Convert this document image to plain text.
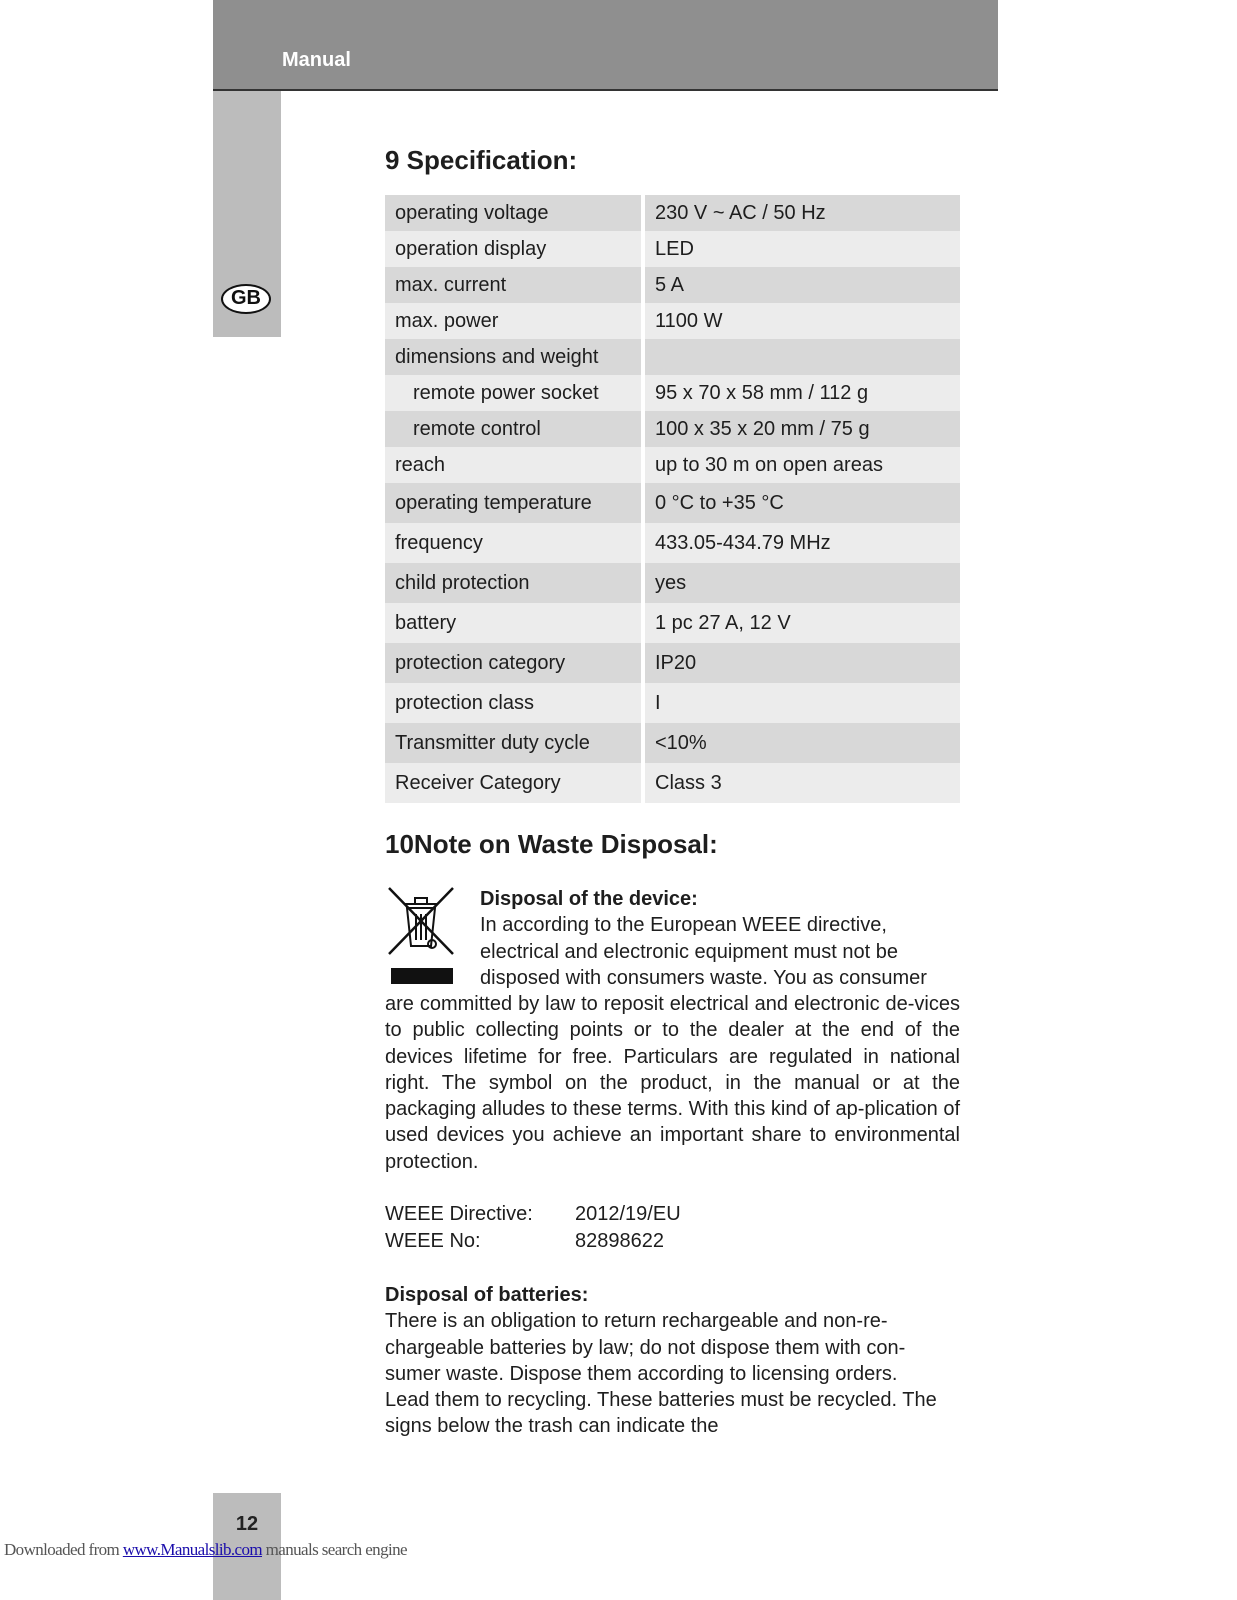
Manual
GB
9 Specification:
operating voltage	230 V ~ AC / 50 Hz
operation display	LED
max. current	5 A
max. power	1100 W
dimensions and weight	
remote power socket	95 x 70 x 58 mm / 112 g
remote control	100 x 35 x 20 mm / 75 g
reach	up to 30 m on open areas
operating temperature	0 °C to +35 °C
frequency	433.05-434.79 MHz
child protection	yes
battery	1 pc 27 A, 12 V
protection category	IP20
protection class	I
Transmitter duty cycle	<10%
Receiver Category	Class 3
10Note on Waste Disposal:
Disposal of the device:
In according to the European WEEE directive, electrical and electronic equipment must not be disposed with consumers waste. You as consumer
are committed by law to reposit electrical and electronic de-vices to public collecting points or to the dealer at the end of the devices lifetime for free. Particulars are regulated in national right. The symbol on the product, in the manual or at the packaging alludes to these terms. With this kind of ap-plication of used devices you achieve an important share to environmental protection.
WEEE Directive: 2012/19/EU
WEEE No:	82898622
Disposal of batteries:
There is an obligation to return rechargeable and non-re-chargeable batteries by law; do not dispose them with con-sumer waste. Dispose them according to licensing orders. Lead them to recycling. These batteries must be recycled. The signs below the trash can indicate the
12
Downloaded from www.Manualslib.com manuals search engine
